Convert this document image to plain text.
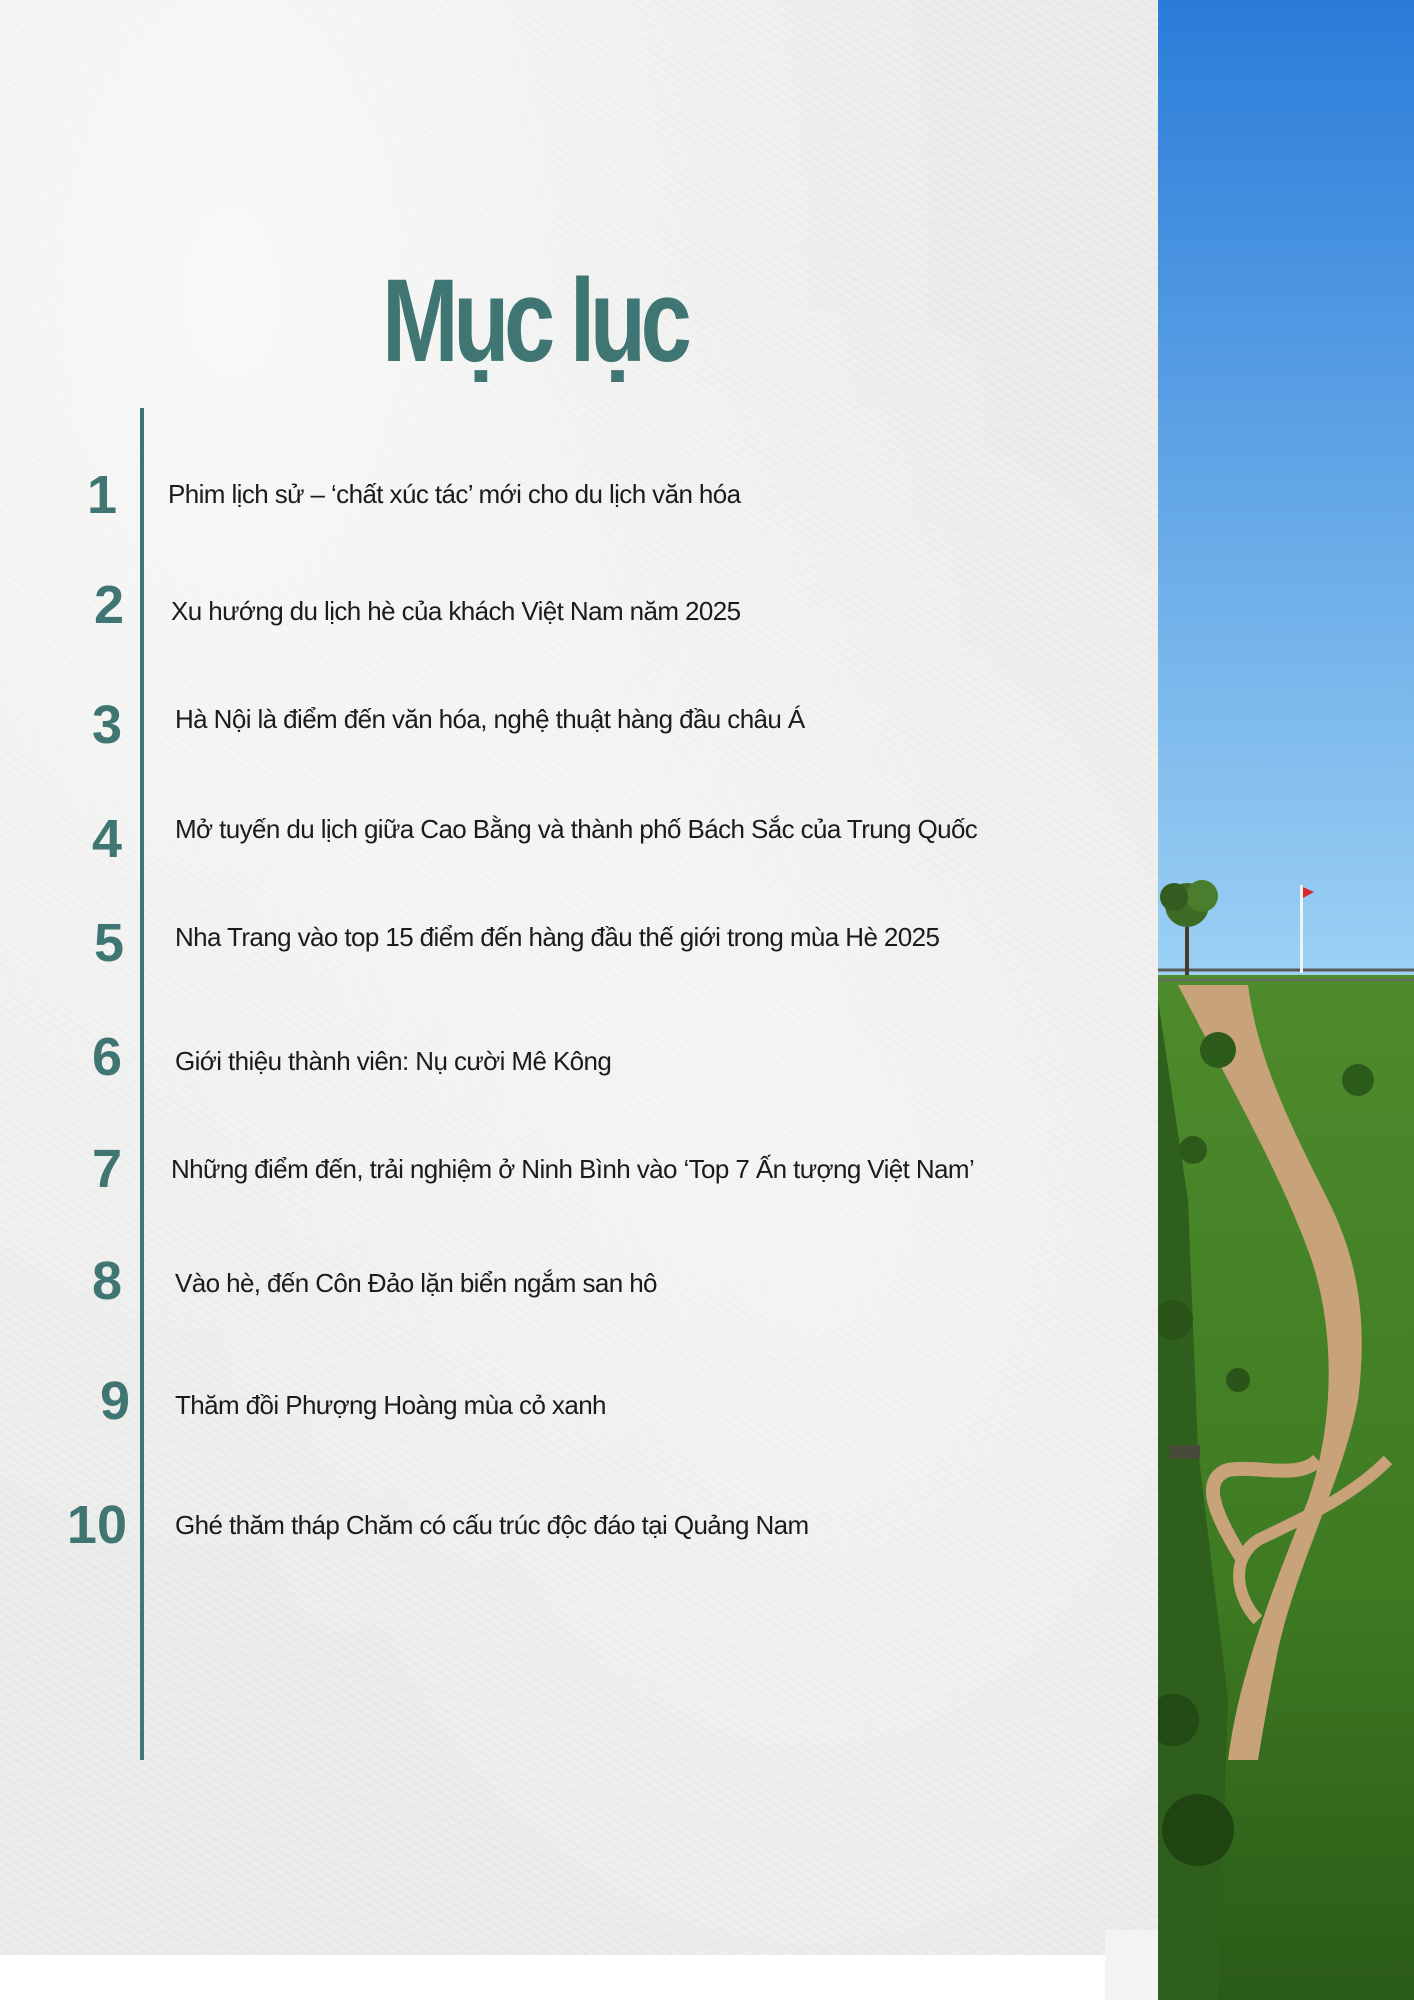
Mục lục
1 Phim lịch sử – ‘chất xúc tác’ mới cho du lịch văn hóa
2 Xu hướng du lịch hè của khách Việt Nam năm 2025
3 Hà Nội là điểm đến văn hóa, nghệ thuật hàng đầu châu Á
4 Mở tuyến du lịch giữa Cao Bằng và thành phố Bách Sắc của Trung Quốc
5 Nha Trang vào top 15 điểm đến hàng đầu thế giới trong mùa Hè 2025
6 Giới thiệu thành viên: Nụ cười Mê Kông
7 Những điểm đến, trải nghiệm ở Ninh Bình vào ‘Top 7 Ấn tượng Việt Nam’
8 Vào hè, đến Côn Đảo lặn biển ngắm san hô
9 Thăm đồi Phượng Hoàng mùa cỏ xanh
10 Ghé thăm tháp Chăm có cấu trúc độc đáo tại Quảng Nam
